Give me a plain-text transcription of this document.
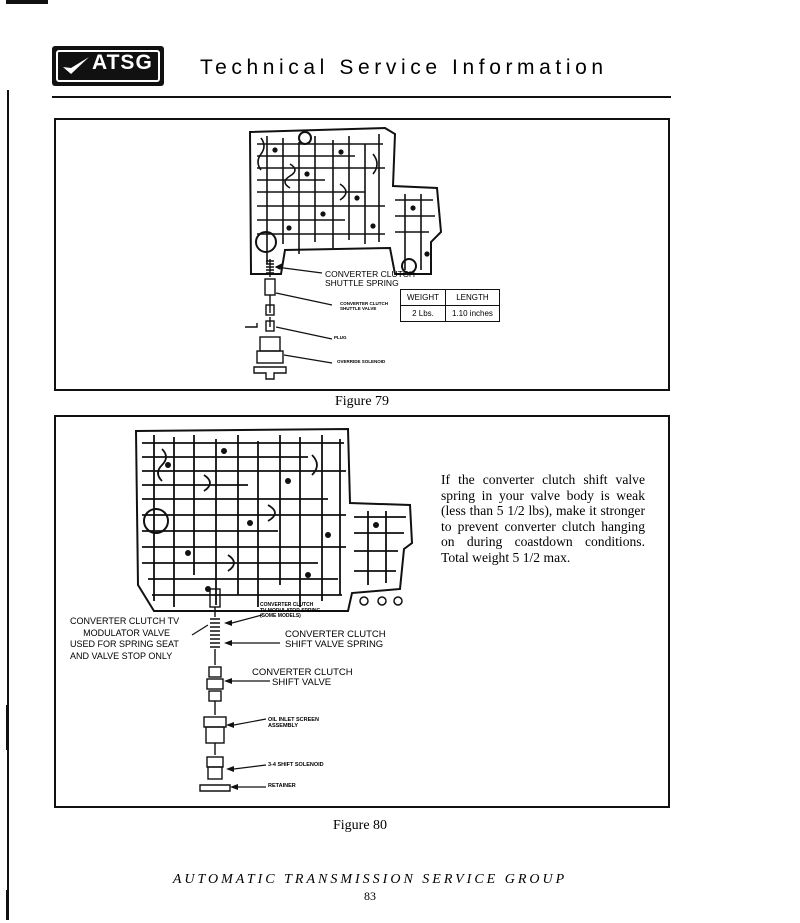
ATSG Technical Service Information
CONVERTER CLUTCH
SHUTTLE SPRING
CONVERTER CLUTCH
SHUTTLE VALVE
PLUG
OVERRIDE SOLENOID
WEIGHT	LENGTH
2 Lbs.	1.10 inches
Figure 79
CONVERTER CLUTCH TV
MODULATOR VALVE
USED FOR SPRING SEAT
AND VALVE STOP ONLY
CONVERTER CLUTCH
TV MODULATOR SPRING
(SOME MODELS)
CONVERTER CLUTCH
SHIFT VALVE SPRING
CONVERTER CLUTCH
SHIFT VALVE
OIL INLET SCREEN
ASSEMBLY
3-4 SHIFT SOLENOID
RETAINER
If the converter clutch shift valve spring in your valve body is weak (less than 5 1/2 lbs), make it stronger to prevent converter clutch hanging on during coastdown conditions. Total weight 5 1/2 max.
Figure 80
AUTOMATIC TRANSMISSION SERVICE GROUP
83
